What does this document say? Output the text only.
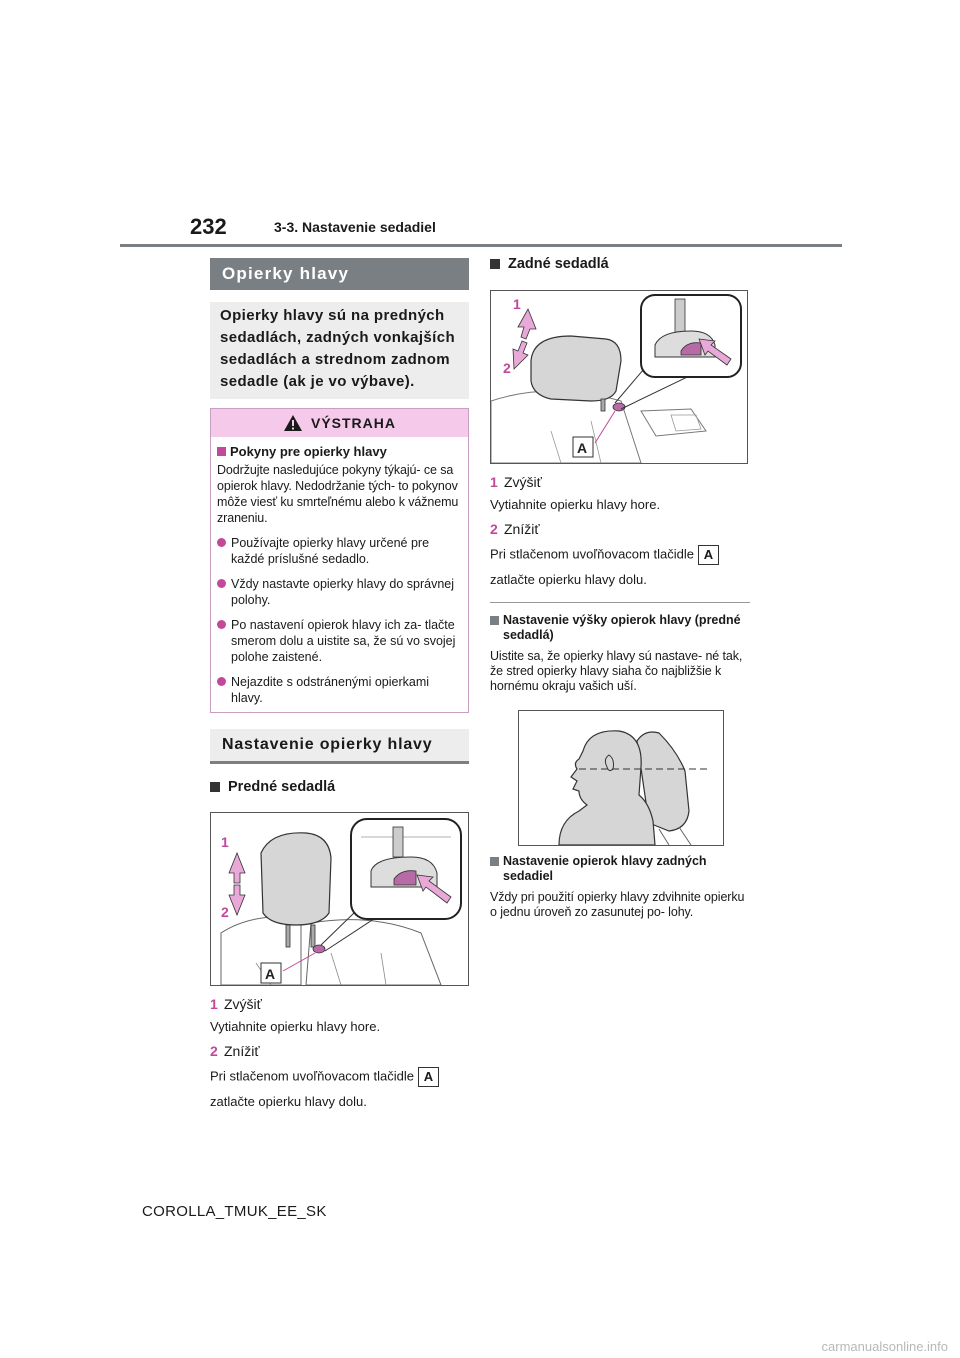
232	3-3. Nastavenie sedadiel
Opierky hlavy
Opierky hlavy sú na predných sedadlách, zadných vonkajších sedadlách a strednom zadnom sedadle (ak je vo výbave).
VÝSTRAHA
Pokyny pre opierky hlavy
Dodržujte nasledujúce pokyny týkajú- ce sa opierok hlavy. Nedodržanie tých- to pokynov môže viesť ku smrteľnému alebo k vážnemu zraneniu.
Používajte opierky hlavy určené pre každé príslušné sedadlo.
Vždy nastavte opierky hlavy do správnej polohy.
Po nastavení opierok hlavy ich za- tlačte smerom dolu a uistite sa, že sú vo svojej polohe zaistené.
Nejazdite s odstránenými opierkami hlavy.
Nastavenie opierky hlavy
Predné sedadlá
1
2
A
1 Zvýšiť
Vytiahnite opierku hlavy hore.
2 Znížiť
Pri stlačenom uvoľňovacom tlačidle A
zatlačte opierku hlavy dolu.
Zadné sedadlá
1
2
A
1 Zvýšiť
Vytiahnite opierku hlavy hore.
2 Znížiť
Pri stlačenom uvoľňovacom tlačidle A
zatlačte opierku hlavy dolu.
Nastavenie výšky opierok hlavy (predné sedadlá)
Uistite sa, že opierky hlavy sú nastave- né tak, že stred opierky hlavy siaha čo najbližšie k hornému okraju vašich uší.
Nastavenie opierok hlavy zadných sedadiel
Vždy pri použití opierky hlavy zdvihnite opierku o jednu úroveň zo zasunutej po- lohy.
COROLLA_TMUK_EE_SK
carmanualsonline.info
